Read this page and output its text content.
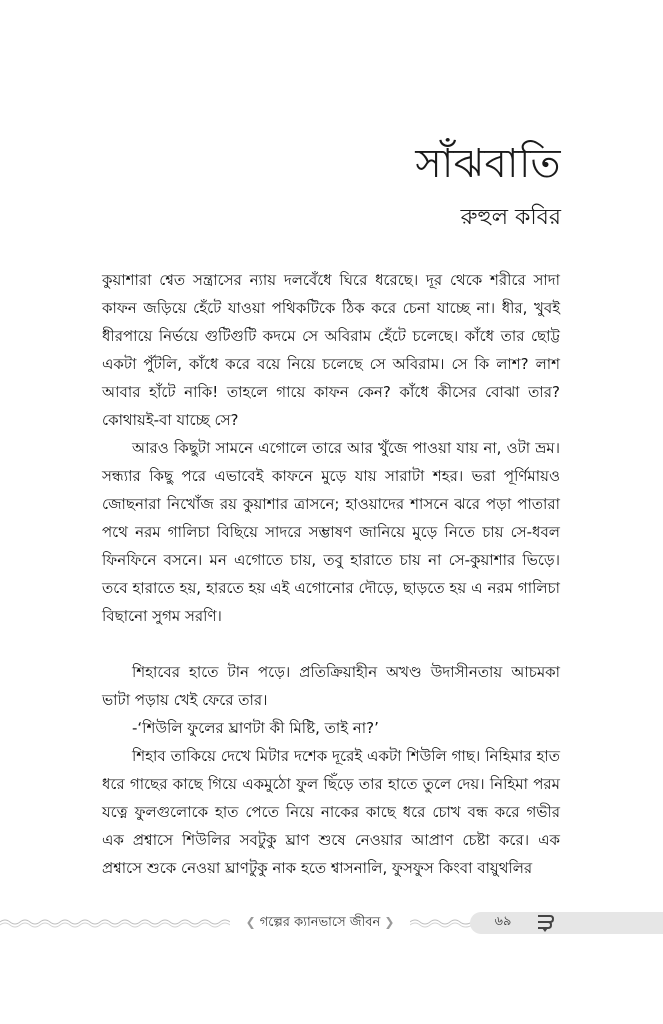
সাঁঝবাতি
রুহুল কবির

কুয়াশারা শ্বেত সন্ত্রাসের ন্যায় দলবেঁধে ঘিরে ধরেছে। দূর থেকে শরীরে সাদা কাফন জড়িয়ে হেঁটে যাওয়া পথিকটিকে ঠিক করে চেনা যাচ্ছে না। ধীর, খুবই ধীরপায়ে নির্ভয়ে গুটিগুটি কদমে সে অবিরাম হেঁটে চলেছে। কাঁধে তার ছোট্ট একটা পুঁটলি, কাঁধে করে বয়ে নিয়ে চলেছে সে অবিরাম। সে কি লাশ? লাশ আবার হাঁটে নাকি! তাহলে গায়ে কাফন কেন? কাঁধে কীসের বোঝা তার? কোথায়ই-বা যাচ্ছে সে?

আরও কিছুটা সামনে এগোলে তারে আর খুঁজে পাওয়া যায় না, ওটা ভ্রম। সন্ধ্যার কিছু পরে এভাবেই কাফনে মুড়ে যায় সারাটা শহর। ভরা পূর্ণিমায়ও জোছনারা নিখোঁজ রয় কুয়াশার ত্রাসনে; হাওয়াদের শাসনে ঝরে পড়া পাতারা পথে নরম গালিচা বিছিয়ে সাদরে সম্ভাষণ জানিয়ে মুড়ে নিতে চায় সে-ধবল ফিনফিনে বসনে। মন এগোতে চায়, তবু হারাতে চায় না সে-কুয়াশার ভিড়ে। তবে হারাতে হয়, হারতে হয় এই এগোনোর দৌড়ে, ছাড়তে হয় এ নরম গালিচা বিছানো সুগম সরণি।

শিহাবের হাতে টান পড়ে। প্রতিক্রিয়াহীন অখণ্ড উদাসীনতায় আচমকা ভাটা পড়ায় খেই ফেরে তার।

-‘শিউলি ফুলের ঘ্রাণটা কী মিষ্টি, তাই না?’

শিহাব তাকিয়ে দেখে মিটার দশেক দূরেই একটা শিউলি গাছ। নিহিমার হাত ধরে গাছের কাছে গিয়ে একমুঠো ফুল ছিঁড়ে তার হাতে তুলে দেয়। নিহিমা পরম যত্নে ফুলগুলোকে হাত পেতে নিয়ে নাকের কাছে ধরে চোখ বন্ধ করে গভীর এক প্রশ্বাসে শিউলির সবটুকু ঘ্রাণ শুষে নেওয়ার আপ্রাণ চেষ্টা করে। এক প্রশ্বাসে শুকে নেওয়া ঘ্রাণটুকু নাক হতে শ্বাসনালি, ফুসফুস কিংবা বায়ুথলির

❮ গল্পের ক্যানভাসে জীবন ❯	৬৯
